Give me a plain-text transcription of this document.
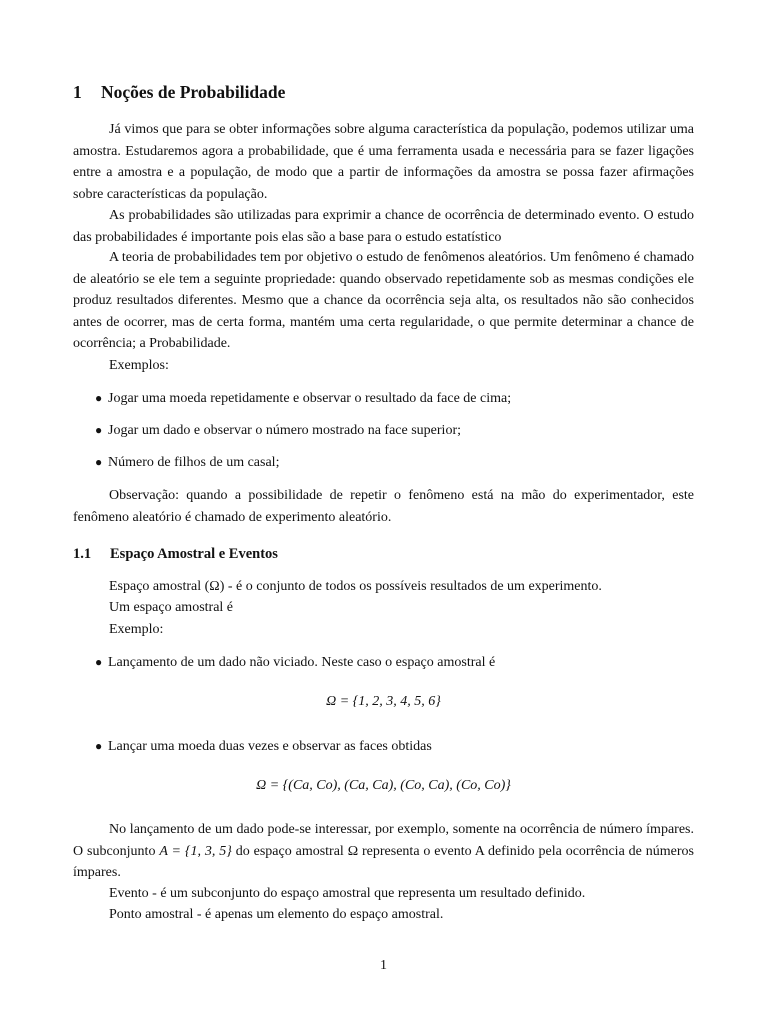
1 Noções de Probabilidade

Já vimos que para se obter informações sobre alguma característica da população, podemos utilizar uma amostra. Estudaremos agora a probabilidade, que é uma ferramenta usada e necessária para se fazer ligações entre a amostra e a população, de modo que a partir de informações da amostra se possa fazer afirmações sobre características da população.

As probabilidades são utilizadas para exprimir a chance de ocorrência de determinado evento. O estudo das probabilidades é importante pois elas são a base para o estudo estatístico

A teoria de probabilidades tem por objetivo o estudo de fenômenos aleatórios. Um fenômeno é chamado de aleatório se ele tem a seguinte propriedade: quando observado repetidamente sob as mesmas condições ele produz resultados diferentes. Mesmo que a chance da ocorrência seja alta, os resultados não são conhecidos antes de ocorrer, mas de certa forma, mantém uma certa regularidade, o que permite determinar a chance de ocorrência; a Probabilidade.

Exemplos:
● Jogar uma moeda repetidamente e observar o resultado da face de cima;
● Jogar um dado e observar o número mostrado na face superior;
● Número de filhos de um casal;

Observação: quando a possibilidade de repetir o fenômeno está na mão do experimentador, este fenômeno aleatório é chamado de experimento aleatório.

1.1 Espaço Amostral e Eventos
Espaço amostral (Ω) - é o conjunto de todos os possíveis resultados de um experimento.
Um espaço amostral é
Exemplo:
● Lançamento de um dado não viciado. Neste caso o espaço amostral é
Ω = {1, 2, 3, 4, 5, 6}
● Lançar uma moeda duas vezes e observar as faces obtidas
Ω = {(Ca, Co), (Ca, Ca), (Co, Ca), (Co, Co)}

No lançamento de um dado pode-se interessar, por exemplo, somente na ocorrência de número ímpares. O subconjunto A = {1, 3, 5} do espaço amostral Ω representa o evento A definido pela ocorrência de números ímpares.

Evento - é um subconjunto do espaço amostral que representa um resultado definido.
Ponto amostral - é apenas um elemento do espaço amostral.
1
